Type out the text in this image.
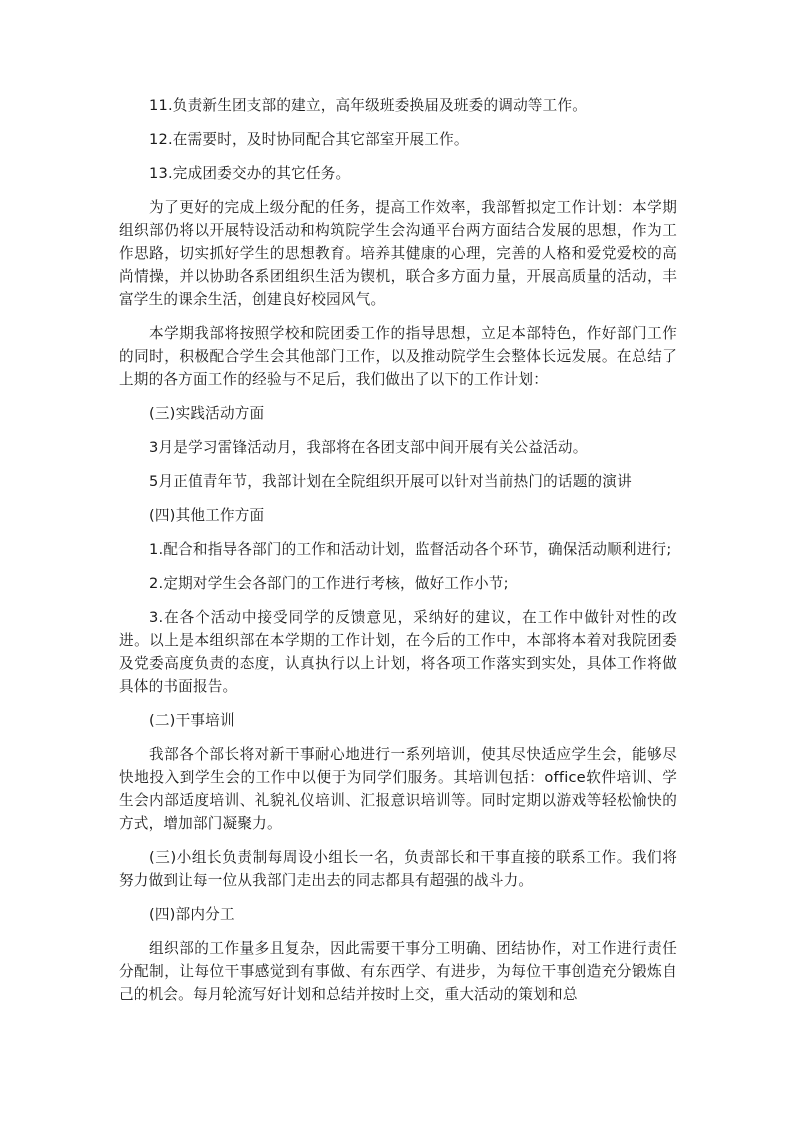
11.负责新生团支部的建立，高年级班委换届及班委的调动等工作。

12.在需要时，及时协同配合其它部室开展工作。

13.完成团委交办的其它任务。

为了更好的完成上级分配的任务，提高工作效率，我部暂拟定工作计划：本学期组织部仍将以开展特设活动和构筑院学生会沟通平台两方面结合发展的思想，作为工作思路，切实抓好学生的思想教育。培养其健康的心理，完善的人格和爱党爱校的高尚情操，并以协助各系团组织生活为锲机，联合多方面力量，开展高质量的活动，丰富学生的课余生活，创建良好校园风气。

本学期我部将按照学校和院团委工作的指导思想，立足本部特色，作好部门工作的同时，积极配合学生会其他部门工作，以及推动院学生会整体长远发展。在总结了上期的各方面工作的经验与不足后，我们做出了以下的工作计划：

(三)实践活动方面

3月是学习雷锋活动月，我部将在各团支部中间开展有关公益活动。

5月正值青年节，我部计划在全院组织开展可以针对当前热门的话题的演讲

(四)其他工作方面

1.配合和指导各部门的工作和活动计划，监督活动各个环节，确保活动顺利进行;

2.定期对学生会各部门的工作进行考核，做好工作小节;

3.在各个活动中接受同学的反馈意见，采纳好的建议，在工作中做针对性的改进。以上是本组织部在本学期的工作计划，在今后的工作中，本部将本着对我院团委及党委高度负责的态度，认真执行以上计划，将各项工作落实到实处，具体工作将做具体的书面报告。

(二)干事培训

我部各个部长将对新干事耐心地进行一系列培训，使其尽快适应学生会，能够尽快地投入到学生会的工作中以便于为同学们服务。其培训包括：office软件培训、学生会内部适度培训、礼貌礼仪培训、汇报意识培训等。同时定期以游戏等轻松愉快的方式，增加部门凝聚力。

(三)小组长负责制每周设小组长一名，负责部长和干事直接的联系工作。我们将努力做到让每一位从我部门走出去的同志都具有超强的战斗力。

(四)部内分工

组织部的工作量多且复杂，因此需要干事分工明确、团结协作，对工作进行责任分配制，让每位干事感觉到有事做、有东西学、有进步，为每位干事创造充分锻炼自己的机会。每月轮流写好计划和总结并按时上交，重大活动的策划和总
